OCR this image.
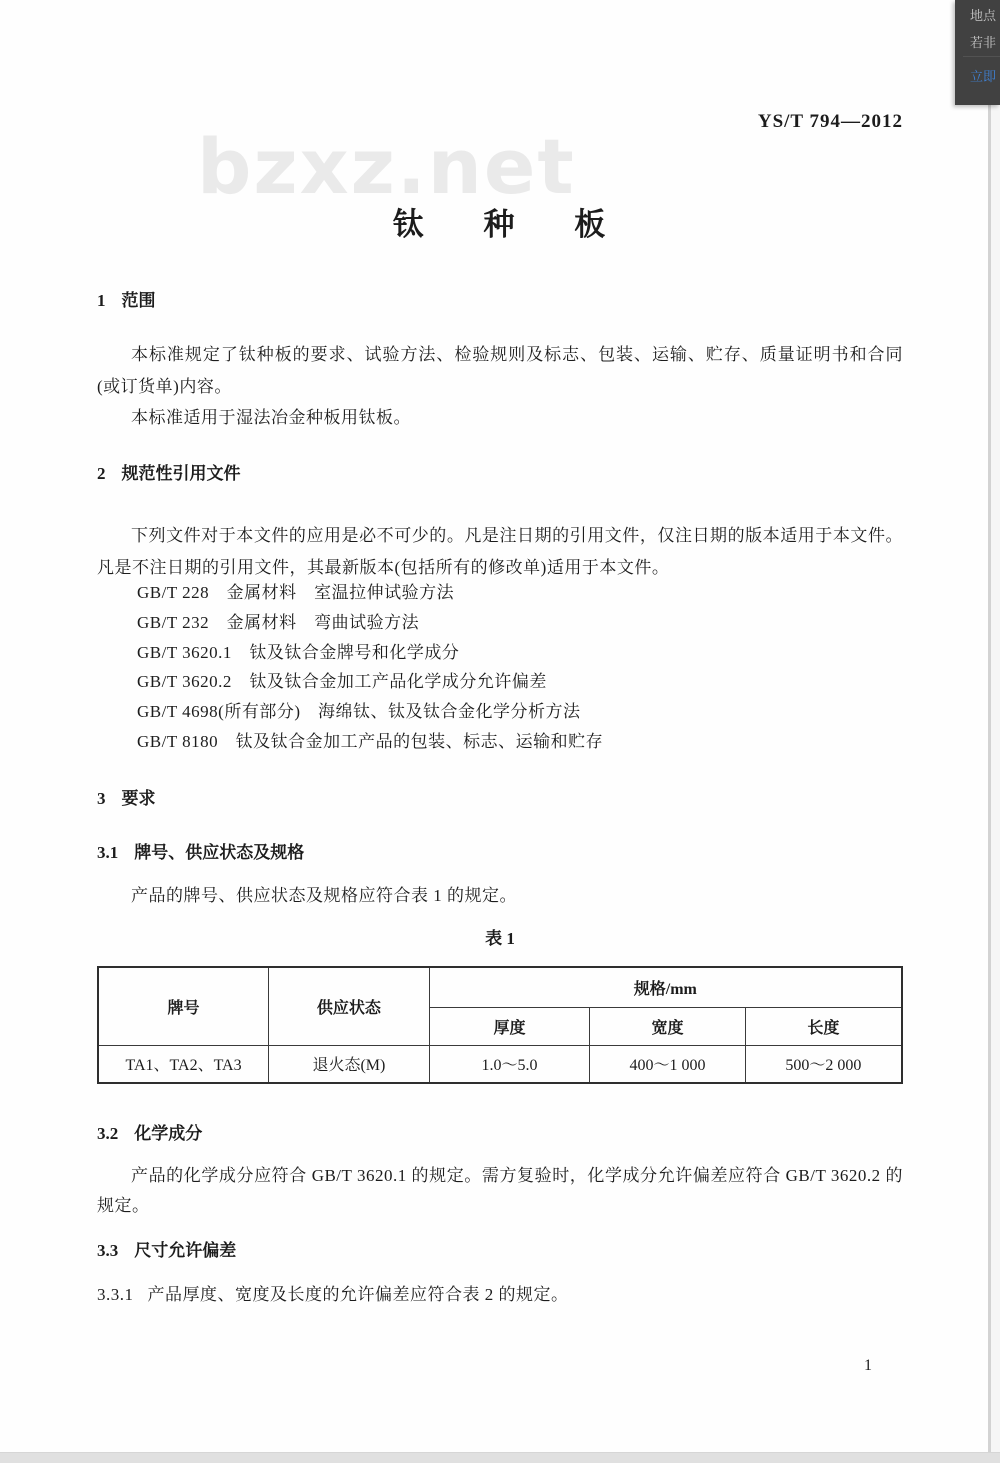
bzxz.net
YS/T 794—2012
钛 种 板
1 范围
本标准规定了钛种板的要求、试验方法、检验规则及标志、包装、运输、贮存、质量证明书和合同(或订货单)内容。
本标准适用于湿法冶金种板用钛板。
2 规范性引用文件
下列文件对于本文件的应用是必不可少的。凡是注日期的引用文件，仅注日期的版本适用于本文件。凡是不注日期的引用文件，其最新版本(包括所有的修改单)适用于本文件。
GB/T 228　金属材料　室温拉伸试验方法
GB/T 232　金属材料　弯曲试验方法
GB/T 3620.1　钛及钛合金牌号和化学成分
GB/T 3620.2　钛及钛合金加工产品化学成分允许偏差
GB/T 4698(所有部分)　海绵钛、钛及钛合金化学分析方法
GB/T 8180　钛及钛合金加工产品的包装、标志、运输和贮存
3 要求
3.1 牌号、供应状态及规格
产品的牌号、供应状态及规格应符合表 1 的规定。
表 1
牌号	供应状态	规格/mm		
		厚度	宽度	长度
TA1、TA2、TA3	退火态(M)	1.0～5.0	400～1 000	500～2 000
3.2 化学成分
产品的化学成分应符合 GB/T 3620.1 的规定。需方复验时，化学成分允许偏差应符合 GB/T 3620.2 的规定。
3.3 尺寸允许偏差
3.3.1 产品厚度、宽度及长度的允许偏差应符合表 2 的规定。
1
地点
若非
立即
